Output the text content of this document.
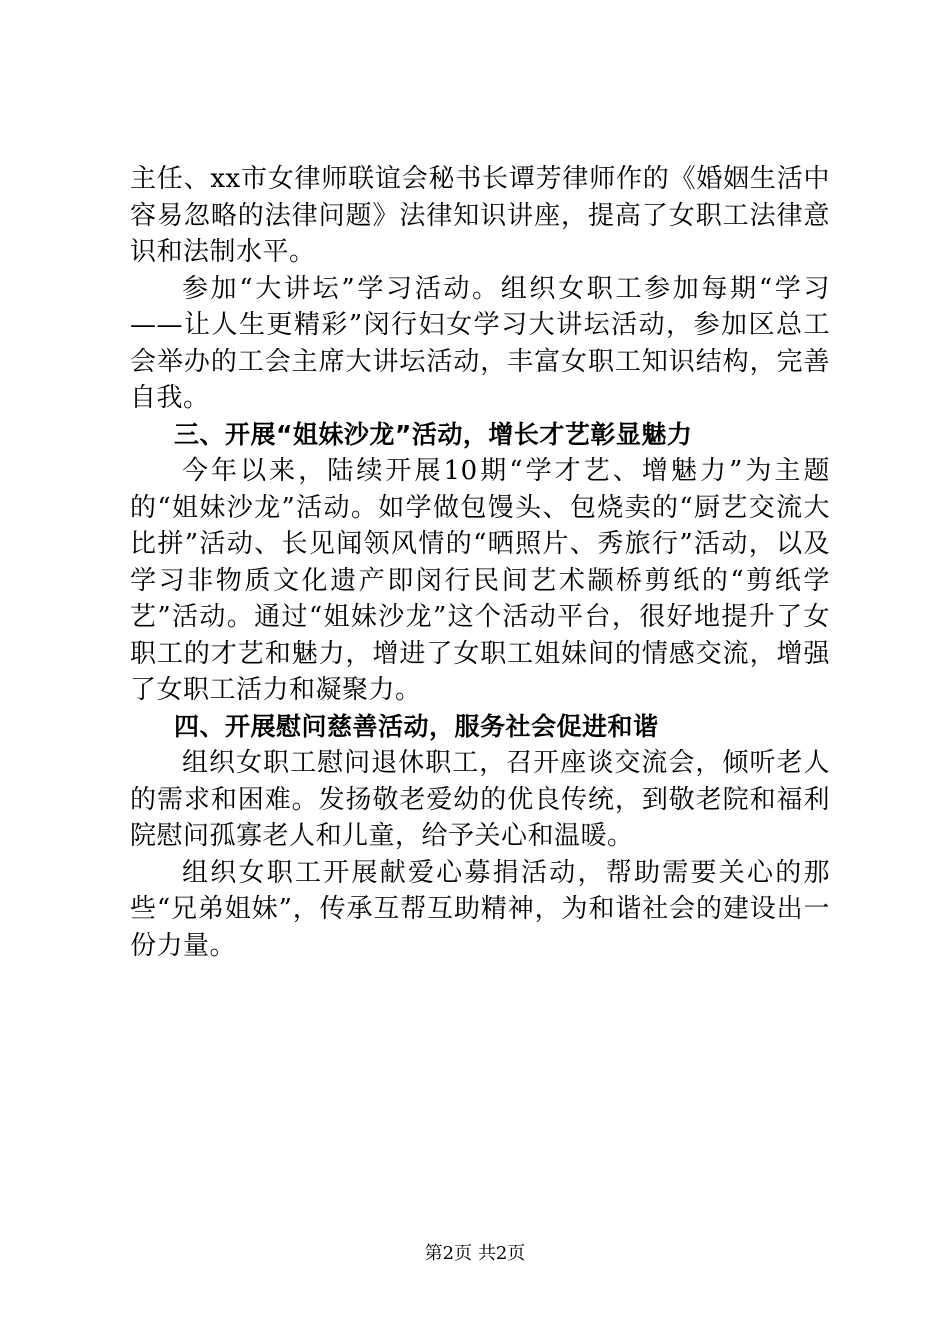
主任、xx市女律师联谊会秘书长谭芳律师作的《婚姻生活中容易忽略的法律问题》法律知识讲座，提高了女职工法律意识和法制水平。

参加“大讲坛”学习活动。组织女职工参加每期“学习——让人生更精彩”闵行妇女学习大讲坛活动，参加区总工会举办的工会主席大讲坛活动，丰富女职工知识结构，完善自我。

三、开展“姐妹沙龙”活动，增长才艺彰显魅力

今年以来，陆续开展10期“学才艺、增魅力”为主题的“姐妹沙龙”活动。如学做包馒头、包烧卖的“厨艺交流大比拼”活动、长见闻领风情的“晒照片、秀旅行”活动，以及学习非物质文化遗产即闵行民间艺术颛桥剪纸的“剪纸学艺”活动。通过“姐妹沙龙”这个活动平台，很好地提升了女职工的才艺和魅力，增进了女职工姐妹间的情感交流，增强了女职工活力和凝聚力。

四、开展慰问慈善活动，服务社会促进和谐

组织女职工慰问退休职工，召开座谈交流会，倾听老人的需求和困难。发扬敬老爱幼的优良传统，到敬老院和福利院慰问孤寡老人和儿童，给予关心和温暖。

组织女职工开展献爱心募捐活动，帮助需要关心的那些“兄弟姐妹”，传承互帮互助精神，为和谐社会的建设出一份力量。

第2页 共2页
